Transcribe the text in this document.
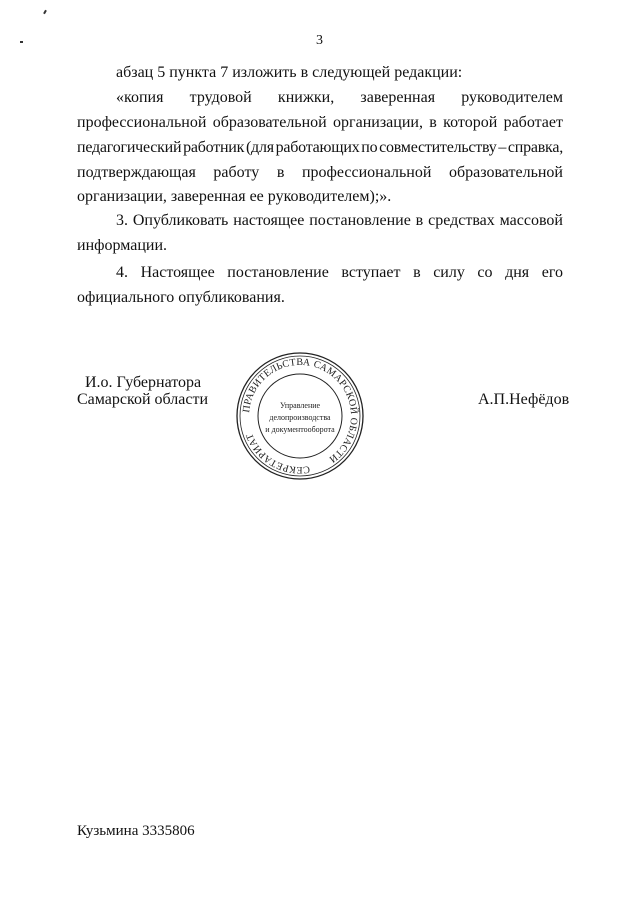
3
абзац 5 пункта 7 изложить в следующей редакции:
«копия трудовой книжки, заверенная руководителем
профессиональной образовательной организации, в которой работает
педагогический работник (для работающих по совместительству – справка,
подтверждающая работу в профессиональной образовательной
организации, заверенная ее руководителем);».
3. Опубликовать настоящее постановление в средствах массовой
информации.
4. Настоящее постановление вступает в силу со дня его
официального опубликования.
И.о. Губернатора
Самарской области	А.П.Нефёдов
ПРАВИТЕЛЬСТВА САМАРСКОЙ ОБЛАСТИ
СЕКРЕТАРИАТ
Управление
делопроизводства
и документооборота
Кузьмина 3335806
